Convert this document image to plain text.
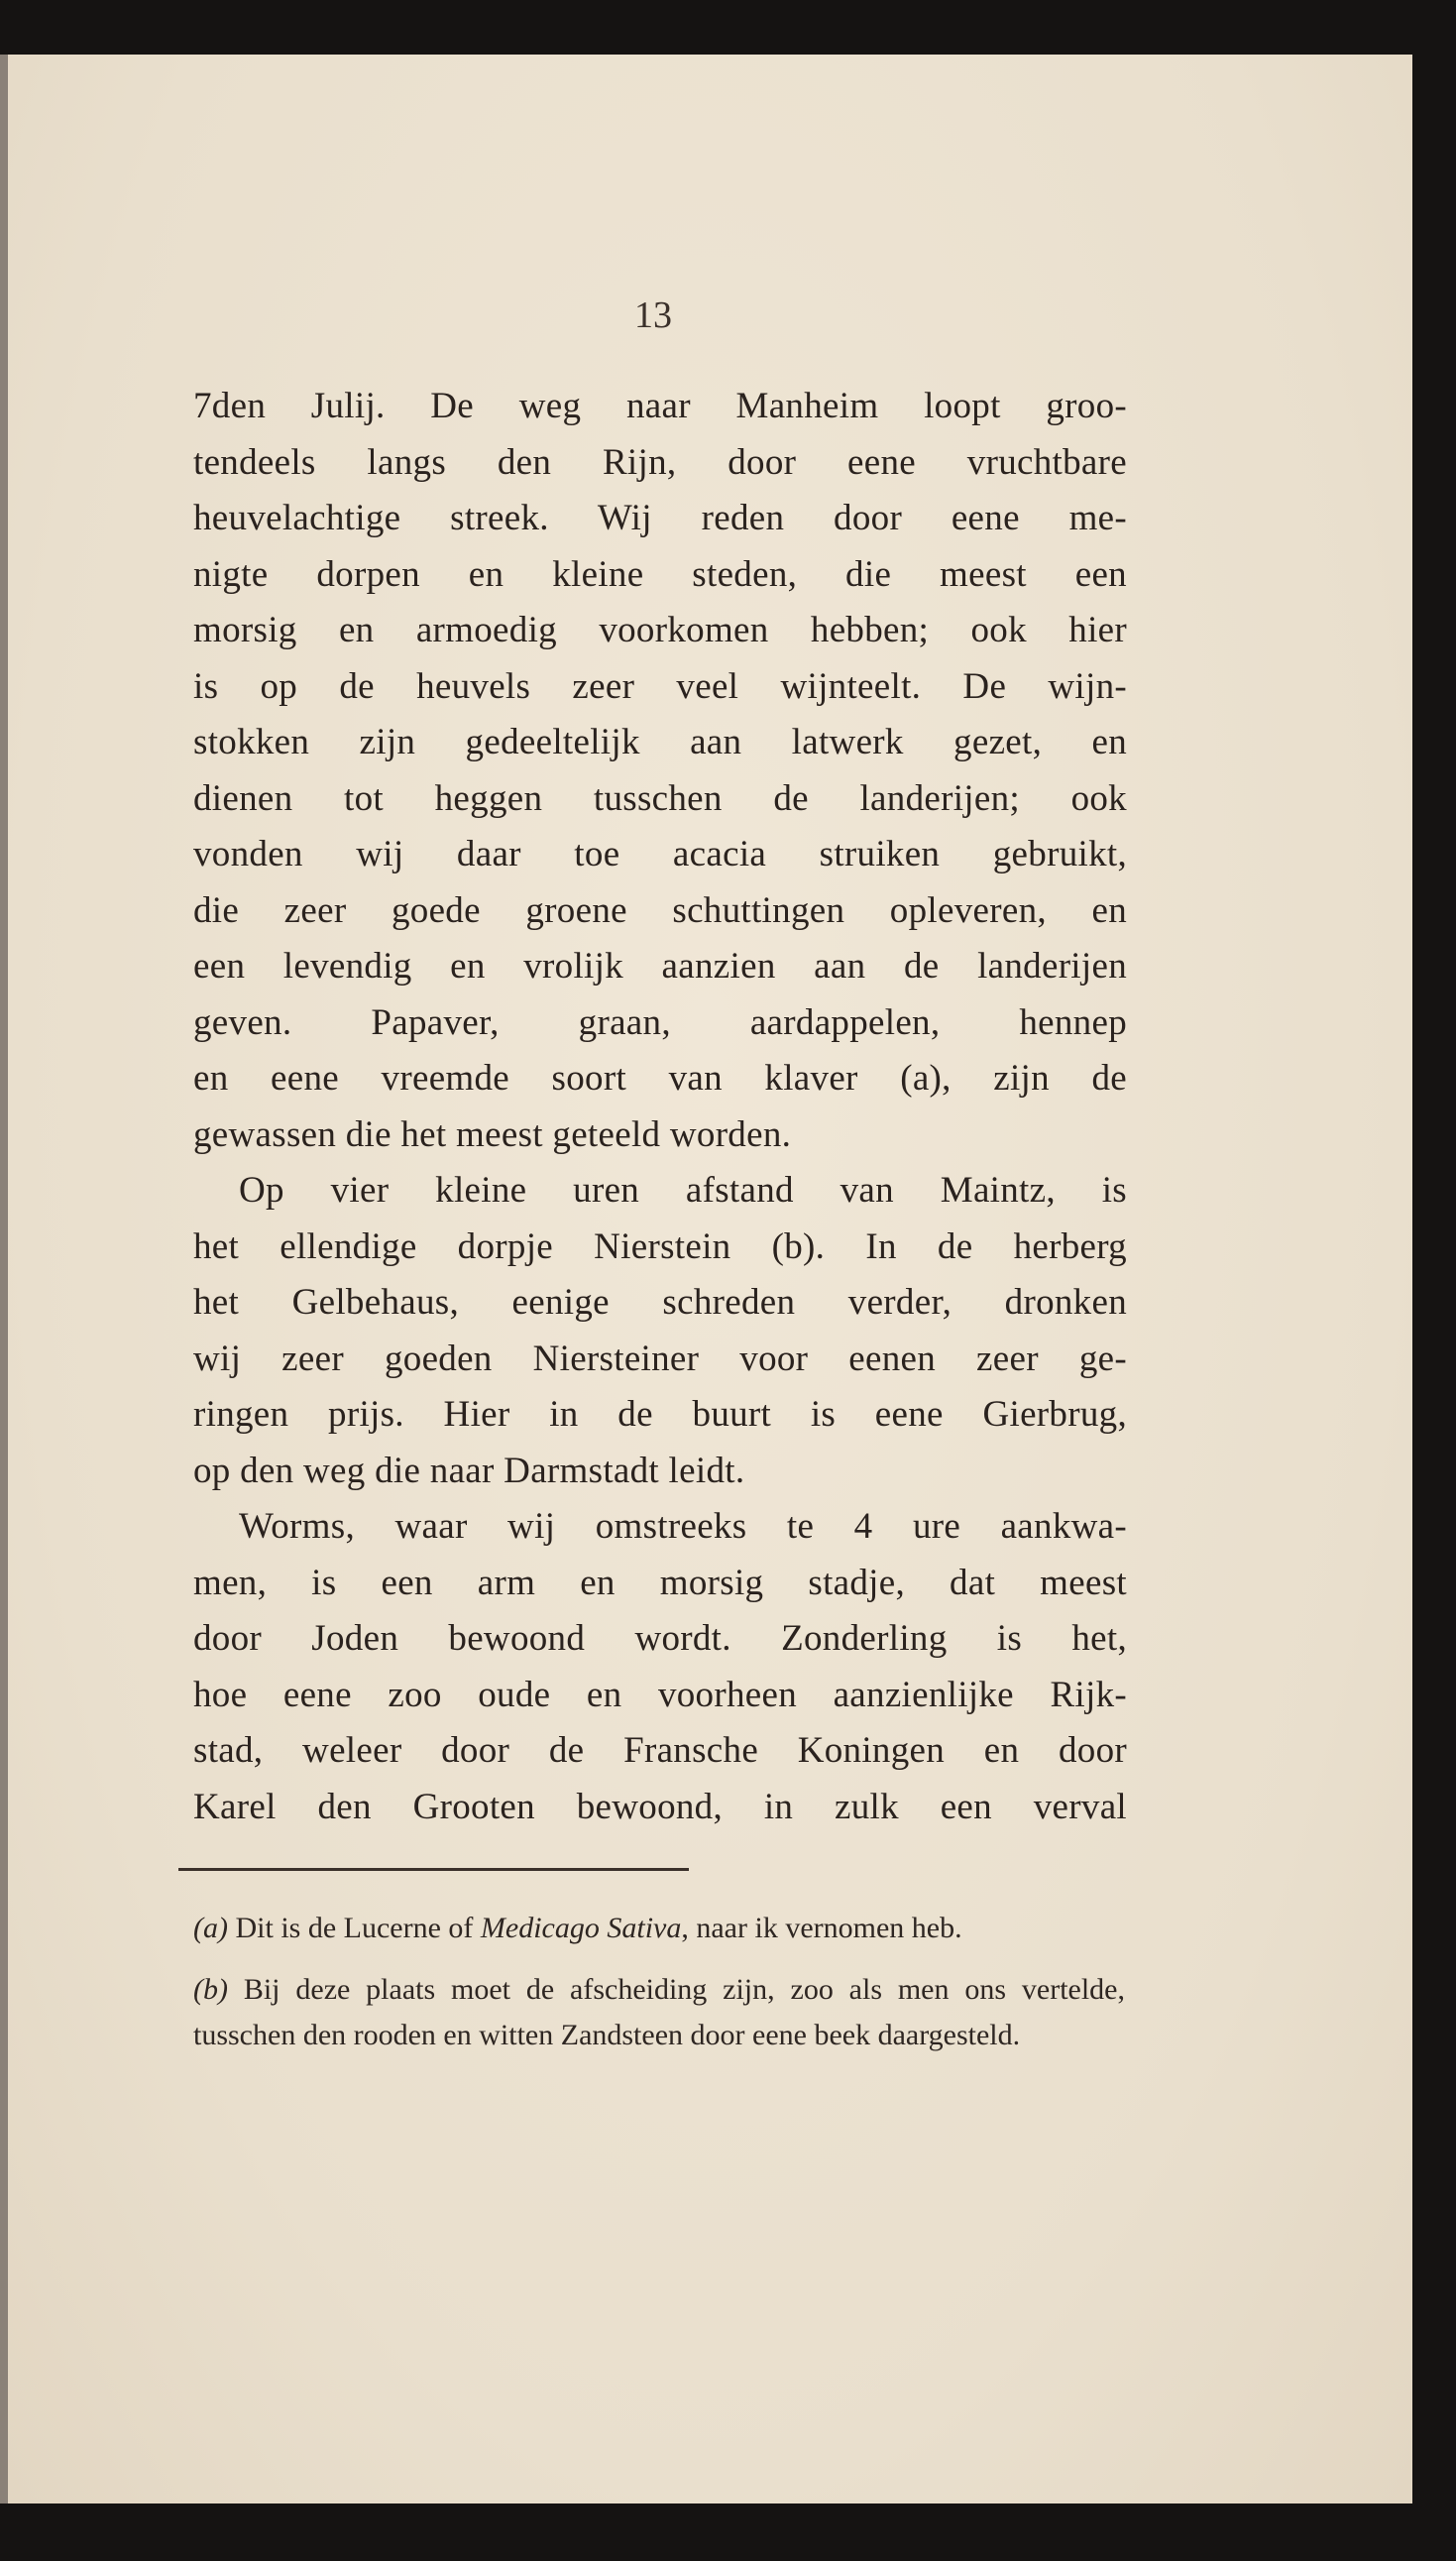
13
7den Julij. De weg naar Manheim loopt groo-
tendeels langs den Rijn, door eene vruchtbare
heuvelachtige streek. Wij reden door eene me-
nigte dorpen en kleine steden, die meest een
morsig en armoedig voorkomen hebben; ook hier
is op de heuvels zeer veel wijnteelt. De wijn-
stokken zijn gedeeltelijk aan latwerk gezet, en
dienen tot heggen tusschen de landerijen; ook
vonden wij daar toe acacia struiken gebruikt,
die zeer goede groene schuttingen opleveren, en
een levendig en vrolijk aanzien aan de landerijen
geven. Papaver, graan, aardappelen, hennep
en eene vreemde soort van klaver (a), zijn de
gewassen die het meest geteeld worden.
Op vier kleine uren afstand van Maintz, is
het ellendige dorpje Nierstein (b). In de herberg
het Gelbehaus, eenige schreden verder, dronken
wij zeer goeden Niersteiner voor eenen zeer ge-
ringen prijs. Hier in de buurt is eene Gierbrug,
op den weg die naar Darmstadt leidt.
Worms, waar wij omstreeks te 4 ure aankwa-
men, is een arm en morsig stadje, dat meest
door Joden bewoond wordt. Zonderling is het,
hoe eene zoo oude en voorheen aanzienlijke Rijk-
stad, weleer door de Fransche Koningen en door
Karel den Grooten bewoond, in zulk een verval
(a) Dit is de Lucerne of Medicago Sativa, naar ik vernomen heb.
(b) Bij deze plaats moet de afscheiding zijn, zoo als men ons vertelde, tusschen den rooden en witten Zandsteen door eene beek daargesteld.
